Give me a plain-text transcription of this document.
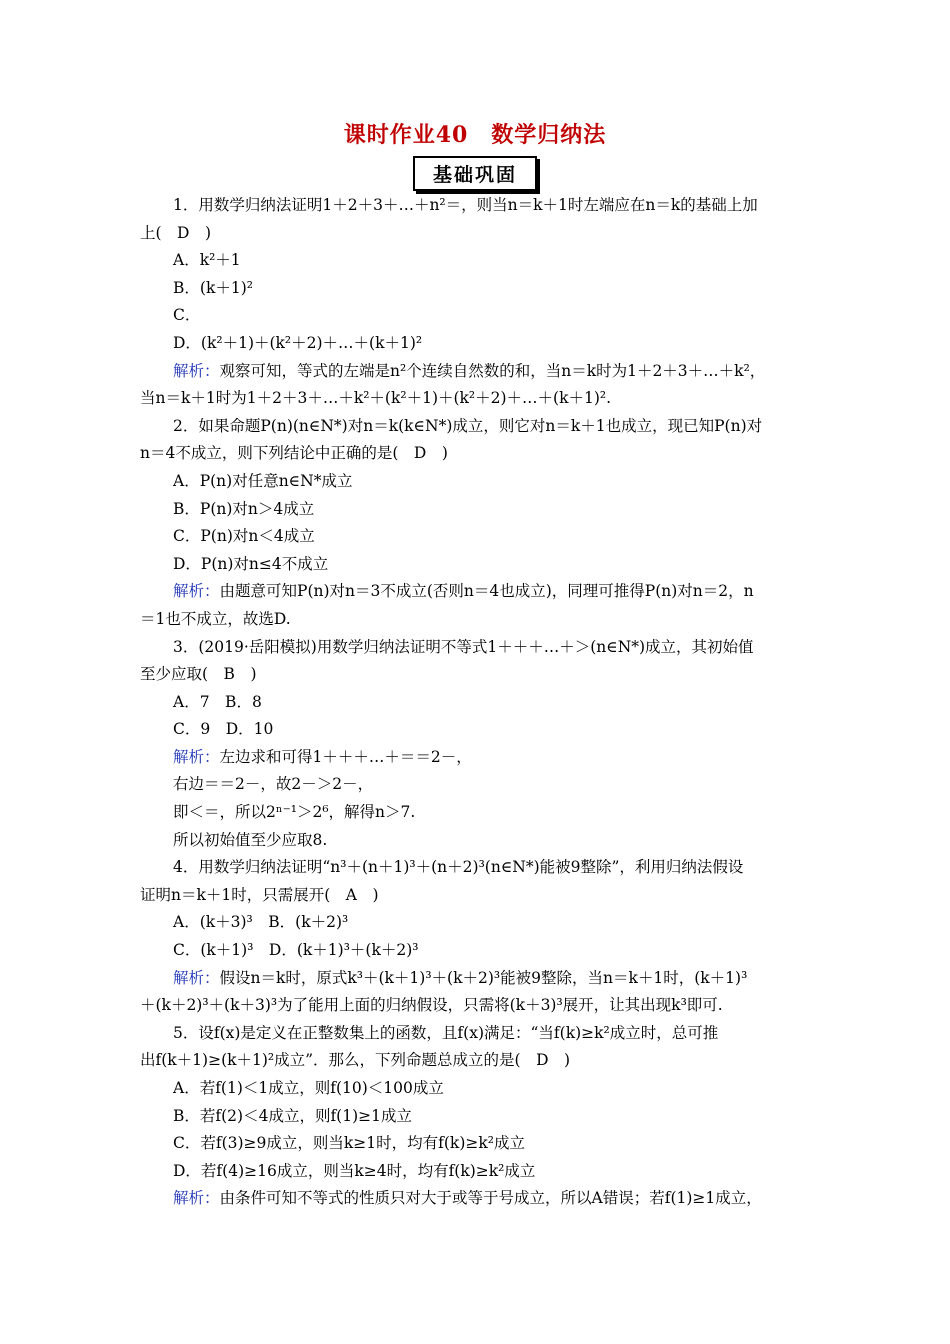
课时作业40　数学归纳法
基础巩固

1．用数学归纳法证明1＋2＋3＋…＋n²＝，则当n＝k＋1时左端应在n＝k的基础上加

上(　D　)

A．k²＋1

B．(k＋1)²

C．

D．(k²＋1)＋(k²＋2)＋…＋(k＋1)²

解析：观察可知，等式的左端是n²个连续自然数的和，当n＝k时为1＋2＋3＋…＋k²，

当n＝k＋1时为1＋2＋3＋…＋k²＋(k²＋1)＋(k²＋2)＋…＋(k＋1)².

2．如果命题P(n)(n∈N*)对n＝k(k∈N*)成立，则它对n＝k＋1也成立，现已知P(n)对

n＝4不成立，则下列结论中正确的是(　D　)

A．P(n)对任意n∈N*成立

B．P(n)对n＞4成立

C．P(n)对n＜4成立

D．P(n)对n≤4不成立

解析：由题意可知P(n)对n＝3不成立(否则n＝4也成立)，同理可推得P(n)对n＝2，n

＝1也不成立，故选D.

3．(2019·岳阳模拟)用数学归纳法证明不等式1＋＋＋…＋＞(n∈N*)成立，其初始值

至少应取(　B　)

A．7　B．8

C．9　D．10

解析：左边求和可得1＋＋＋…＋＝＝2－，

右边＝＝2－，故2－＞2－，

即＜＝，所以2ⁿ⁻¹＞2⁶，解得n＞7.

所以初始值至少应取8.

4．用数学归纳法证明“n³＋(n＋1)³＋(n＋2)³(n∈N*)能被9整除”，利用归纳法假设

证明n＝k＋1时，只需展开(　A　)

A．(k＋3)³　B．(k＋2)³

C．(k＋1)³　D．(k＋1)³＋(k＋2)³

解析：假设n＝k时，原式k³＋(k＋1)³＋(k＋2)³能被9整除，当n＝k＋1时，(k＋1)³

＋(k＋2)³＋(k＋3)³为了能用上面的归纳假设，只需将(k＋3)³展开，让其出现k³即可.

5．设f(x)是定义在正整数集上的函数，且f(x)满足：“当f(k)≥k²成立时，总可推

出f(k＋1)≥(k＋1)²成立”．那么，下列命题总成立的是(　D　)

A．若f(1)＜1成立，则f(10)＜100成立

B．若f(2)＜4成立，则f(1)≥1成立

C．若f(3)≥9成立，则当k≥1时，均有f(k)≥k²成立

D．若f(4)≥16成立，则当k≥4时，均有f(k)≥k²成立

解析：由条件可知不等式的性质只对大于或等于号成立，所以A错误；若f(1)≥1成立，
